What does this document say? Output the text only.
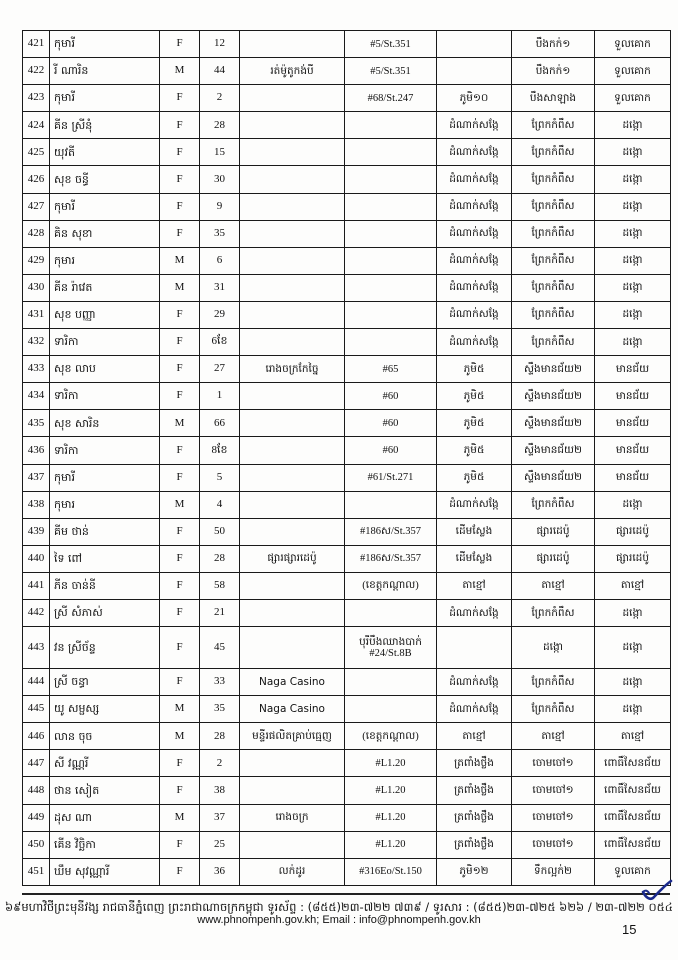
421	កុមារី	F	12		#5/St.351		បឹងកក់១	ទួលគោក
422	រី ណារិន	M	44	រត់ម៉ូតូកង់បី	#5/St.351		បឹងកក់១	ទួលគោក
423	កុមារី	F	2		#68/St.247	ភូមិ១០	បឹងសាឡាង	ទួលគោក
424	គីន ស្រីនុំ	F	28			ដំណាក់សង្កែ	ព្រែកកំពឹស	ដង្កោ
425	យុវតី	F	15			ដំណាក់សង្កែ	ព្រែកកំពឹស	ដង្កោ
426	សុខ ចន្ធី	F	30			ដំណាក់សង្កែ	ព្រែកកំពឹស	ដង្កោ
427	កុមារី	F	9			ដំណាក់សង្កែ	ព្រែកកំពឹស	ដង្កោ
428	គិន សុខា	F	35			ដំណាក់សង្កែ	ព្រែកកំពឹស	ដង្កោ
429	កុមារ	M	6			ដំណាក់សង្កែ	ព្រែកកំពឹស	ដង្កោ
430	គីន រ៉ាវេត	M	31			ដំណាក់សង្កែ	ព្រែកកំពឹស	ដង្កោ
431	សុខ បញ្ញា	F	29			ដំណាក់សង្កែ	ព្រែកកំពឹស	ដង្កោ
432	ទារិកា	F	6ខែ			ដំណាក់សង្កែ	ព្រែកកំពឹស	ដង្កោ
433	សុខ លាប	F	27	រោងចក្រកែច្នៃ	#65	ភូមិ៥	ស្ទឹងមានជ័យ២	មានជ័យ
434	ទារិកា	F	1		#60	ភូមិ៥	ស្ទឹងមានជ័យ២	មានជ័យ
435	សុខ សារិន	M	66		#60	ភូមិ៥	ស្ទឹងមានជ័យ២	មានជ័យ
436	ទារិកា	F	8ខែ		#60	ភូមិ៥	ស្ទឹងមានជ័យ២	មានជ័យ
437	កុមារី	F	5		#61/St.271	ភូមិ៥	ស្ទឹងមានជ័យ២	មានជ័យ
438	កុមារ	M	4			ដំណាក់សង្កែ	ព្រែកកំពឹស	ដង្កោ
439	គីម ថាន់	F	50		#186ស/St.357	ដើមស្លែង	ផ្សារដេប៉ូ	ផ្សារដេប៉ូ
440	ទៃ ពៅ	F	28	ផ្សារផ្សារដេប៉ូ	#186ស/St.357	ដើមស្លែង	ផ្សារដេប៉ូ	ផ្សារដេប៉ូ
441	ភីន ចាន់នី	F	58		(ខេត្តកណ្ដាល)	តាខ្មៅ	តាខ្មៅ	តាខ្មៅ
442	ស្រី សំភាស់	F	21			ដំណាក់សង្កែ	ព្រែកកំពឹស	ដង្កោ
443	វន ស្រីច័ន្ទ	F	45		បុរីបឹងឈាងបាក់ #24/St.8B		ដង្កោ	ដង្កោ
444	ស្រី ចន្ធា	F	33	Naga Casino		ដំណាក់សង្កែ	ព្រែកកំពឹស	ដង្កោ
445	យូ សម្ផស្ស	M	35	Naga Casino		ដំណាក់សង្កែ	ព្រែកកំពឹស	ដង្កោ
446	លាន ចុច	M	28	មន្ទីរផលិតគ្រាប់ធ្មេញ	(ខេត្តកណ្ដាល)	តាខ្មៅ	តាខ្មៅ	តាខ្មៅ
447	សី វណ្ណរី	F	2		#L1.20	ត្រពាំងថ្លឹង	ចោមចៅ១	ពោធិ៍សែនជ័យ
448	ថាន សៀត	F	38		#L1.20	ត្រពាំងថ្លឹង	ចោមចៅ១	ពោធិ៍សែនជ័យ
449	ដុស ណា	M	37	រោងចក្រ	#L1.20	ត្រពាំងថ្លឹង	ចោមចៅ១	ពោធិ៍សែនជ័យ
450	គើន វិច្ឆិកា	F	25		#L1.20	ត្រពាំងថ្លឹង	ចោមចៅ១	ពោធិ៍សែនជ័យ
451	ឃឹម សុវណ្ណារី	F	36	លក់ដូរ	#316Eo/St.150	ភូមិ១២	ទឹកល្អក់២	ទួលគោក
៦៩មហាវិថីព្រះមុនីវង្ស រាជធានីភ្នំពេញ ព្រះរាជាណាចក្រកម្ពុជា ទូរស័ព្ទ : (៨៥៥)២៣-៧២២ ៧៣៩ / ទូរសារ : (៨៥៥)២៣-៧២៥ ៦២៦ / ២៣-៧២២ ០៥៤
www.phnompenh.gov.kh; Email : info@phnompenh.gov.kh
15
